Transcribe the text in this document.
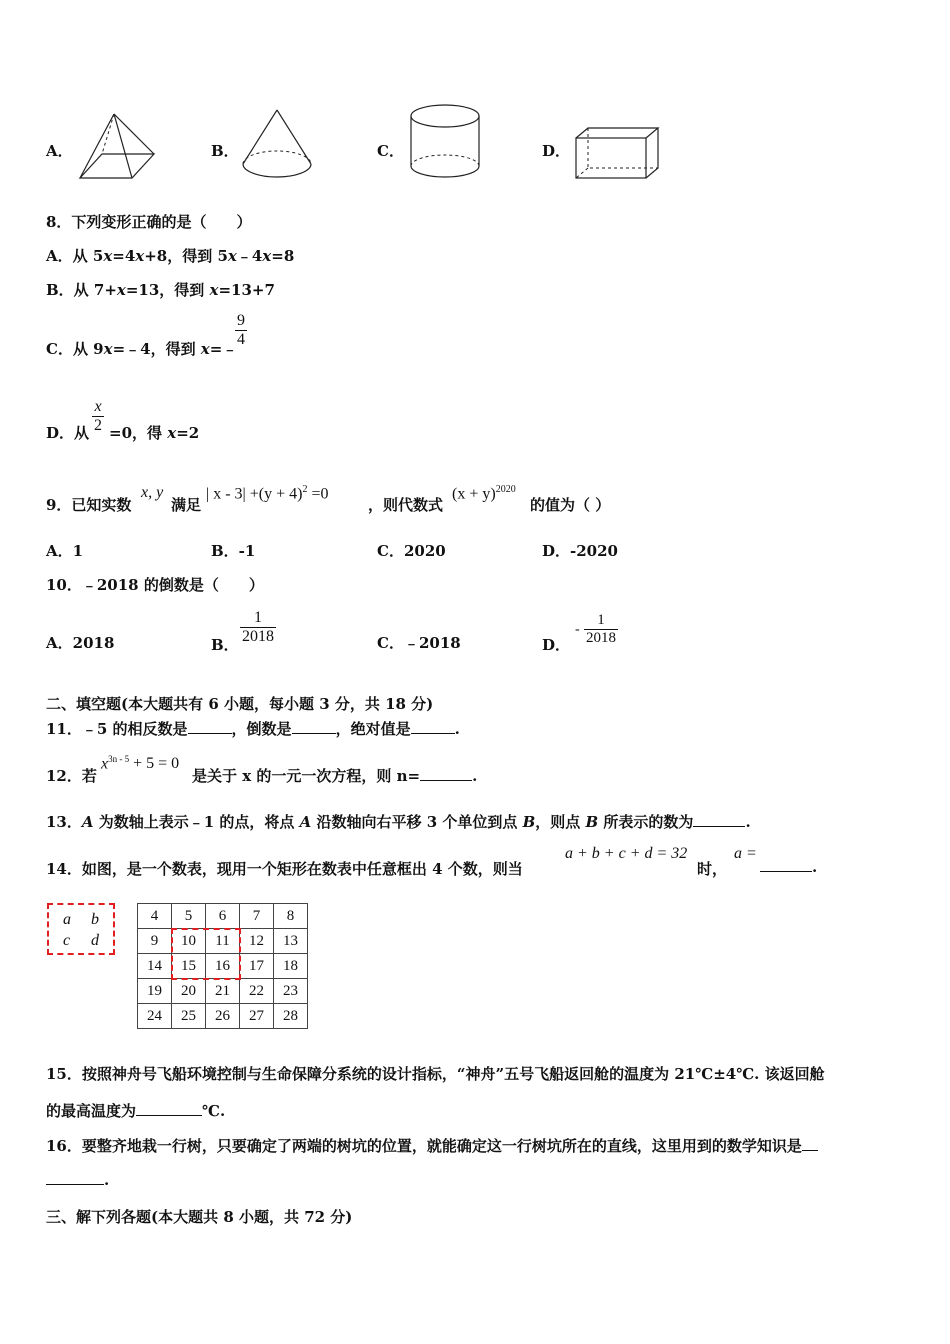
A．	B．	C．	D．
8．下列变形正确的是（　　）
A．从 5x=4x+8，得到 5x﹣4x=8
B．从 7+x=13，得到 x=13+7
C．从 9x=﹣4，得到 x=﹣
9
4
D．从
x
2 =0，得 x=2
9．已知实数
x, y
满足
| $x - 3| +(y + 4)^2 =0$
，则代数式
$(x + y)^{2020}$
的值为（ ）
A．1	B．-1	C．2020	D．-2020
10．﹣2018 的倒数是（　　）
A．2018	B．
1
2018	C．﹣2018	D．
-
1
2018
二、填空题(本大题共有 6 小题，每小题 3 分，共 18 分)
11．﹣5 的相反数是	，倒数是	，绝对值是	.
12．若
$x^{3n - 5} + 5 = 0$
是关于 x 的一元一次方程，则 n=	.
13．A 为数轴上表示﹣1 的点，将点 A 沿数轴向右平移 3 个单位到点 B，则点 B 所表示的数为	.
14．如图，是一个数表，现用一个矩形在数表中任意框出 4 个数，则当
a + b + c + d = 32
时，
a =
.
a b
c d
4	5	6	7	8
9	10	11	12	13
14	15	16	17	18
19	20	21	22	23
24	25	26	27	28
15．按照神舟号飞船环境控制与生命保障分系统的设计指标，“神舟”五号飞船返回舱的温度为 21℃±4℃. 该返回舱
的最高温度为	℃.
16．要整齐地栽一行树，只要确定了两端的树坑的位置，就能确定这一行树坑所在的直线，这里用到的数学知识是
.
三、解下列各题(本大题共 8 小题，共 72 分)
